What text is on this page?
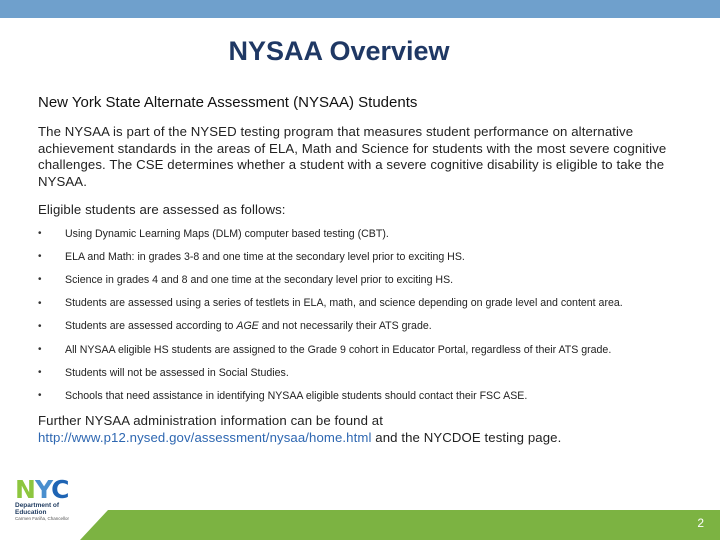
NYSAA Overview
New York State Alternate Assessment (NYSAA) Students

The NYSAA is part of the NYSED testing program that measures student performance on alternative achievement standards in the areas of ELA, Math and Science for students with the most severe cognitive challenges. The CSE determines whether a student with a severe cognitive disability is eligible to take the NYSAA.

Eligible students are assessed as follows:
•	Using Dynamic Learning Maps (DLM) computer based testing (CBT).
•	ELA and Math: in grades 3-8 and one time at the secondary level prior to exciting HS.
•	Science in grades 4 and 8 and one time at the secondary level prior to exciting HS.
•	Students are assessed using a series of testlets in ELA, math, and science depending on grade level and content area.
•	Students are assessed according to AGE and not necessarily their ATS grade.
•	All NYSAA eligible HS students are assigned to the Grade 9 cohort in Educator Portal, regardless of their ATS grade.
•	Students will not be assessed in Social Studies.
•	Schools that need assistance in identifying NYSAA eligible students should contact their FSC ASE.

Further NYSAA administration information can be found at
http://www.p12.nysed.gov/assessment/nysaa/home.html and the NYCDOE testing page.

NYC
Department of
Education
Carmen Fariña, Chancellor	2
